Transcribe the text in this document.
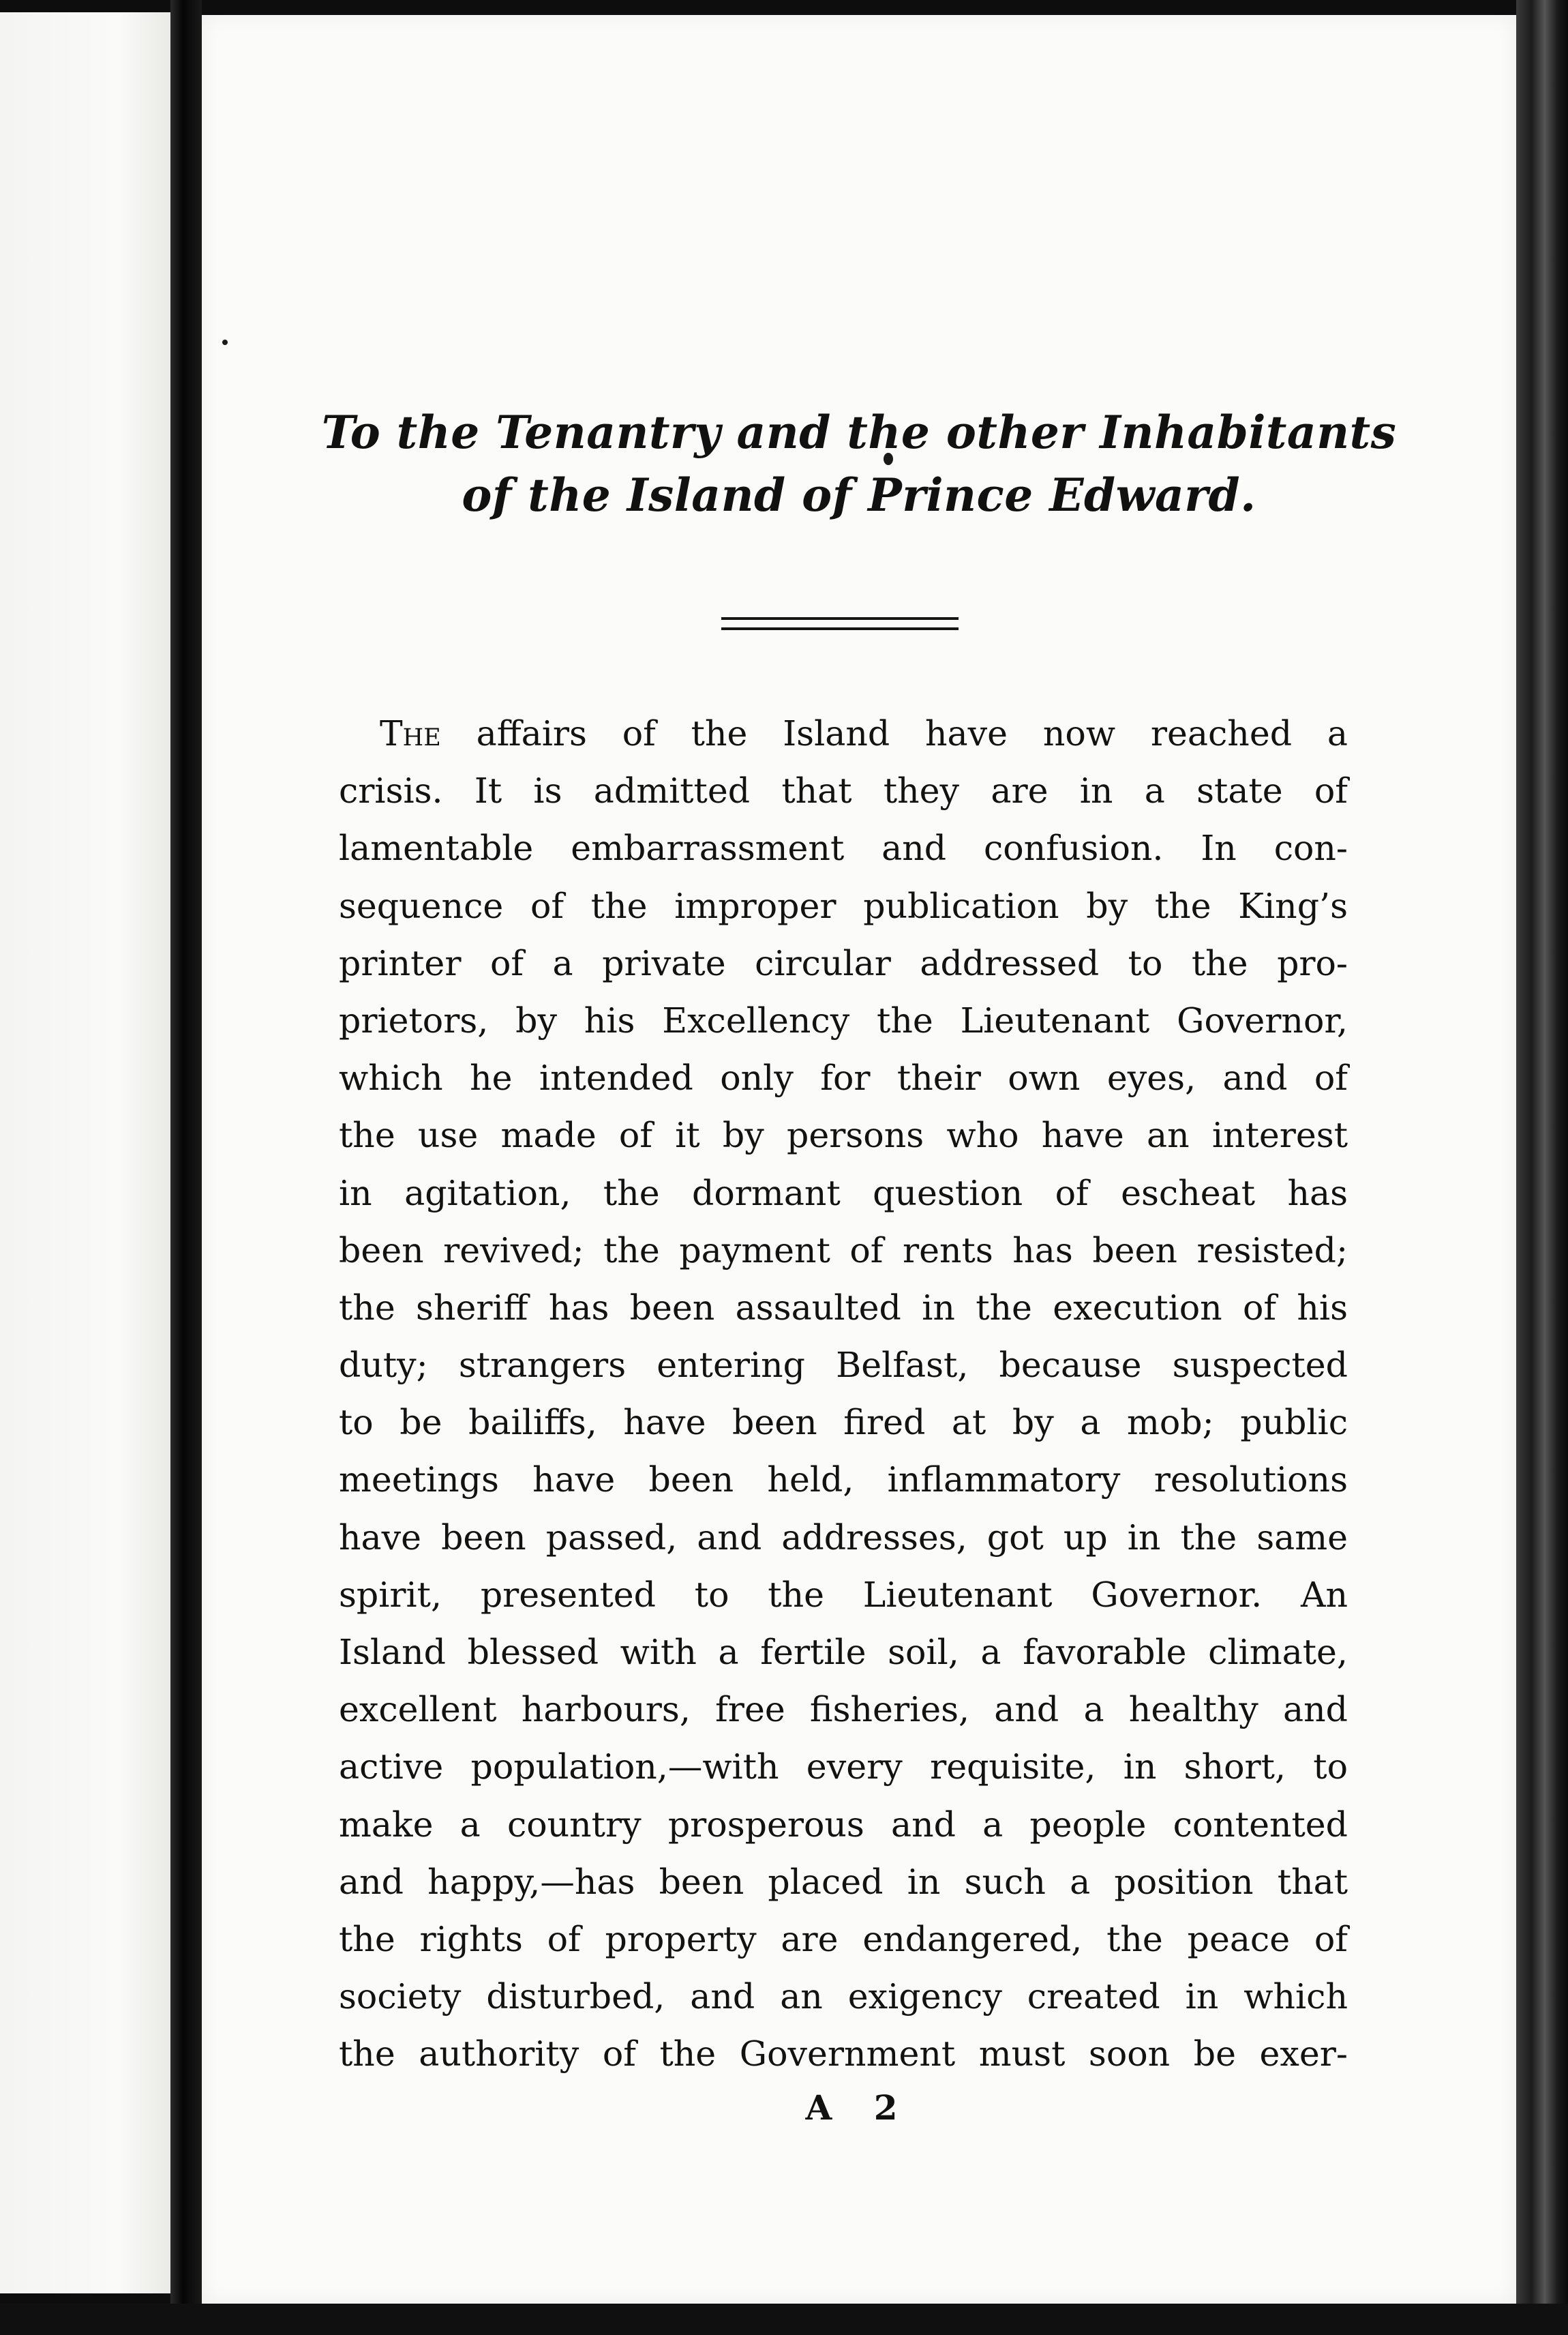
To the Tenantry and the other Inhabitants
of the Island of Prince Edward.
The affairs of the Island have now reached a
crisis. It is admitted that they are in a state of
lamentable embarrassment and confusion. In con-
sequence of the improper publication by the King’s
printer of a private circular addressed to the pro-
prietors, by his Excellency the Lieutenant Governor,
which he intended only for their own eyes, and of
the use made of it by persons who have an interest
in agitation, the dormant question of escheat has
been revived; the payment of rents has been resisted;
the sheriff has been assaulted in the execution of his
duty; strangers entering Belfast, because suspected
to be bailiffs, have been fired at by a mob; public
meetings have been held, inflammatory resolutions
have been passed, and addresses, got up in the same
spirit, presented to the Lieutenant Governor. An
Island blessed with a fertile soil, a favorable climate,
excellent harbours, free fisheries, and a healthy and
active population,—with every requisite, in short, to
make a country prosperous and a people contented
and happy,—has been placed in such a position that
the rights of property are endangered, the peace of
society disturbed, and an exigency created in which
the authority of the Government must soon be exer-
A 2
